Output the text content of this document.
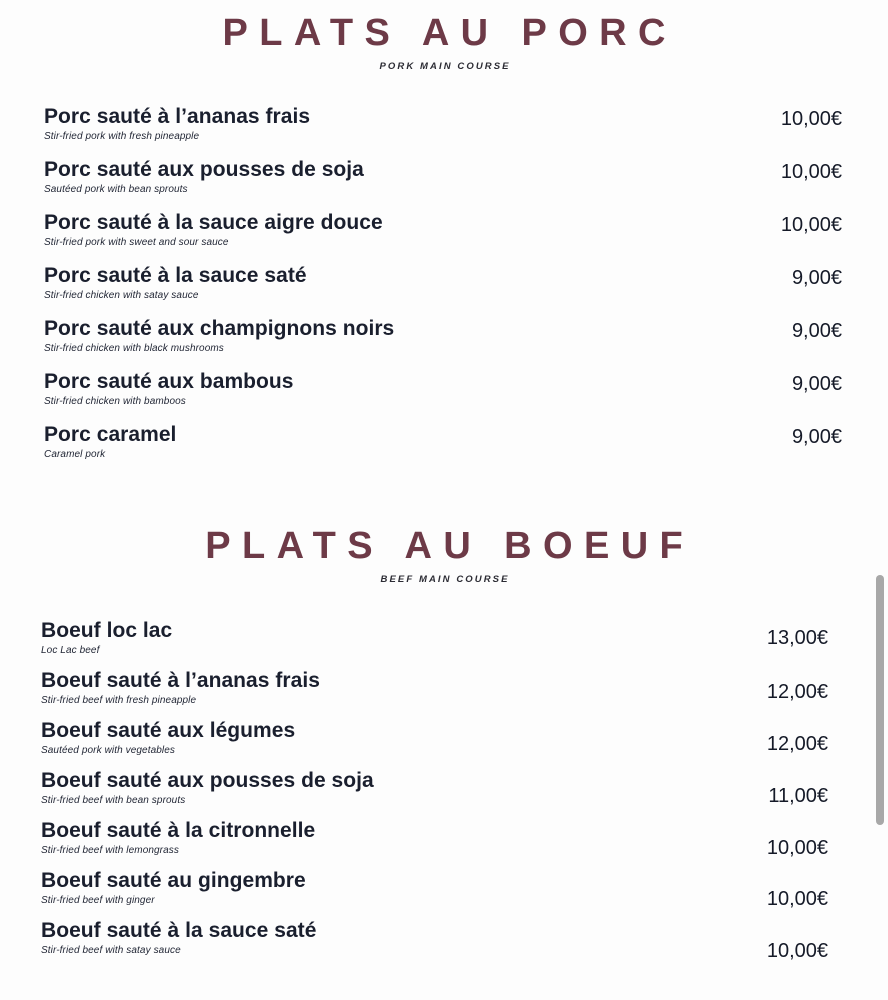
PLATS AU PORC
PORK MAIN COURSE
Porc sauté à l’ananas frais
Stir-fried pork with fresh pineapple
10,00€
Porc sauté aux pousses de soja
Sautéed pork with bean sprouts
10,00€
Porc sauté à la sauce aigre douce
Stir-fried pork with sweet and sour sauce
10,00€
Porc sauté à la sauce saté
Stir-fried chicken with satay sauce
9,00€
Porc sauté aux champignons noirs
Stir-fried chicken with black mushrooms
9,00€
Porc sauté aux bambous
Stir-fried chicken with bamboos
9,00€
Porc caramel
Caramel pork
9,00€
PLATS AU BOEUF
BEEF MAIN COURSE
Boeuf loc lac
Loc Lac beef
13,00€
Boeuf sauté à l’ananas frais
Stir-fried beef with fresh pineapple	12,00€
Boeuf sauté aux légumes
Sautéed pork with vegetables	12,00€
Boeuf sauté aux pousses de soja
Stir-fried beef with bean sprouts	11,00€
Boeuf sauté à la citronnelle
Stir-fried beef with lemongrass	10,00€
Boeuf sauté au gingembre
Stir-fried beef with ginger	10,00€
Boeuf sauté à la sauce saté
Stir-fried beef with satay sauce	10,00€
